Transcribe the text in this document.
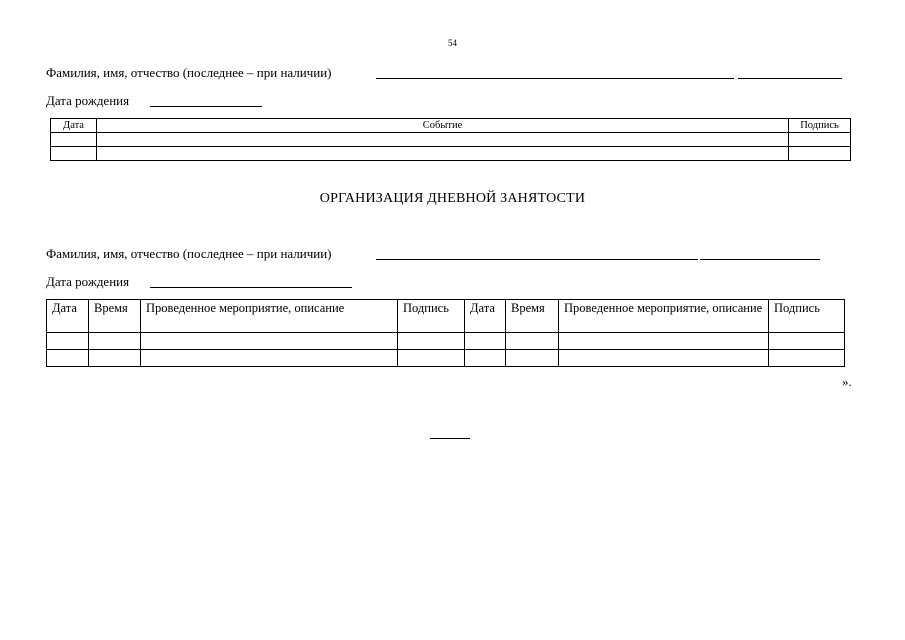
54
Фамилия, имя, отчество (последнее – при наличии)
Дата рождения
Дата	Событие	Подпись

ОРГАНИЗАЦИЯ ДНЕВНОЙ ЗАНЯТОСТИ
Фамилия, имя, отчество (последнее – при наличии)
Дата рождения
Дата	Время	Проведенное мероприятие, описание	Подпись	Дата	Время	Проведенное мероприятие, описание	Подпись

».
